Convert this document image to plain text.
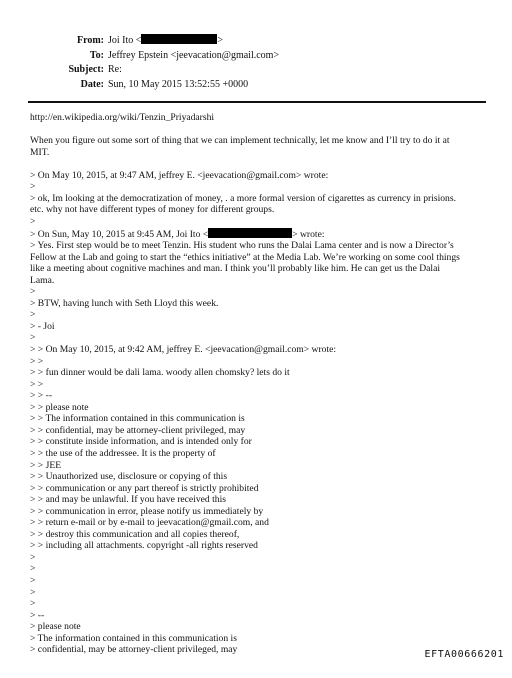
From: Joi Ito <	>
To: Jeffrey Epstein <jeevacation@gmail.com>
Subject: Re:
Date: Sun, 10 May 2015 13:52:55 +0000
http://en.wikipedia.org/wiki/Tenzin_Priyadarshi
When you figure out some sort of thing that we can implement technically, let me know and I’ll try to do it at
MIT.
> On May 10, 2015, at 9:47 AM, jeffrey E. <jeevacation@gmail.com> wrote:
>
> ok, Im looking at the democratization of money, . a more formal version of cigarettes as currency in prisions.
etc. why not have different types of money for different groups.
>
> On Sun, May 10, 2015 at 9:45 AM, Joi Ito <	> wrote:
> Yes. First step would be to meet Tenzin. His student who runs the Dalai Lama center and is now a Director’s
Fellow at the Lab and going to start the “ethics initiative” at the Media Lab. We’re working on some cool things
like a meeting about cognitive machines and man. I think you’ll probably like him. He can get us the Dalai
Lama.
>
> BTW, having lunch with Seth Lloyd this week.
>
> - Joi
>
> > On May 10, 2015, at 9:42 AM, jeffrey E. <jeevacation@gmail.com> wrote:
> >
> > fun dinner would be dali lama. woody allen chomsky? lets do it
> >
> > --
> > please note
> > The information contained in this communication is
> > confidential, may be attorney-client privileged, may
> > constitute inside information, and is intended only for
> > the use of the addressee. It is the property of
> > JEE
> > Unauthorized use, disclosure or copying of this
> > communication or any part thereof is strictly prohibited
> > and may be unlawful. If you have received this
> > communication in error, please notify us immediately by
> > return e-mail or by e-mail to jeevacation@gmail.com, and
> > destroy this communication and all copies thereof,
> > including all attachments. copyright -all rights reserved
>
>
>
>
>
> --
> please note
> The information contained in this communication is
> confidential, may be attorney-client privileged, may	EFTA00666201
